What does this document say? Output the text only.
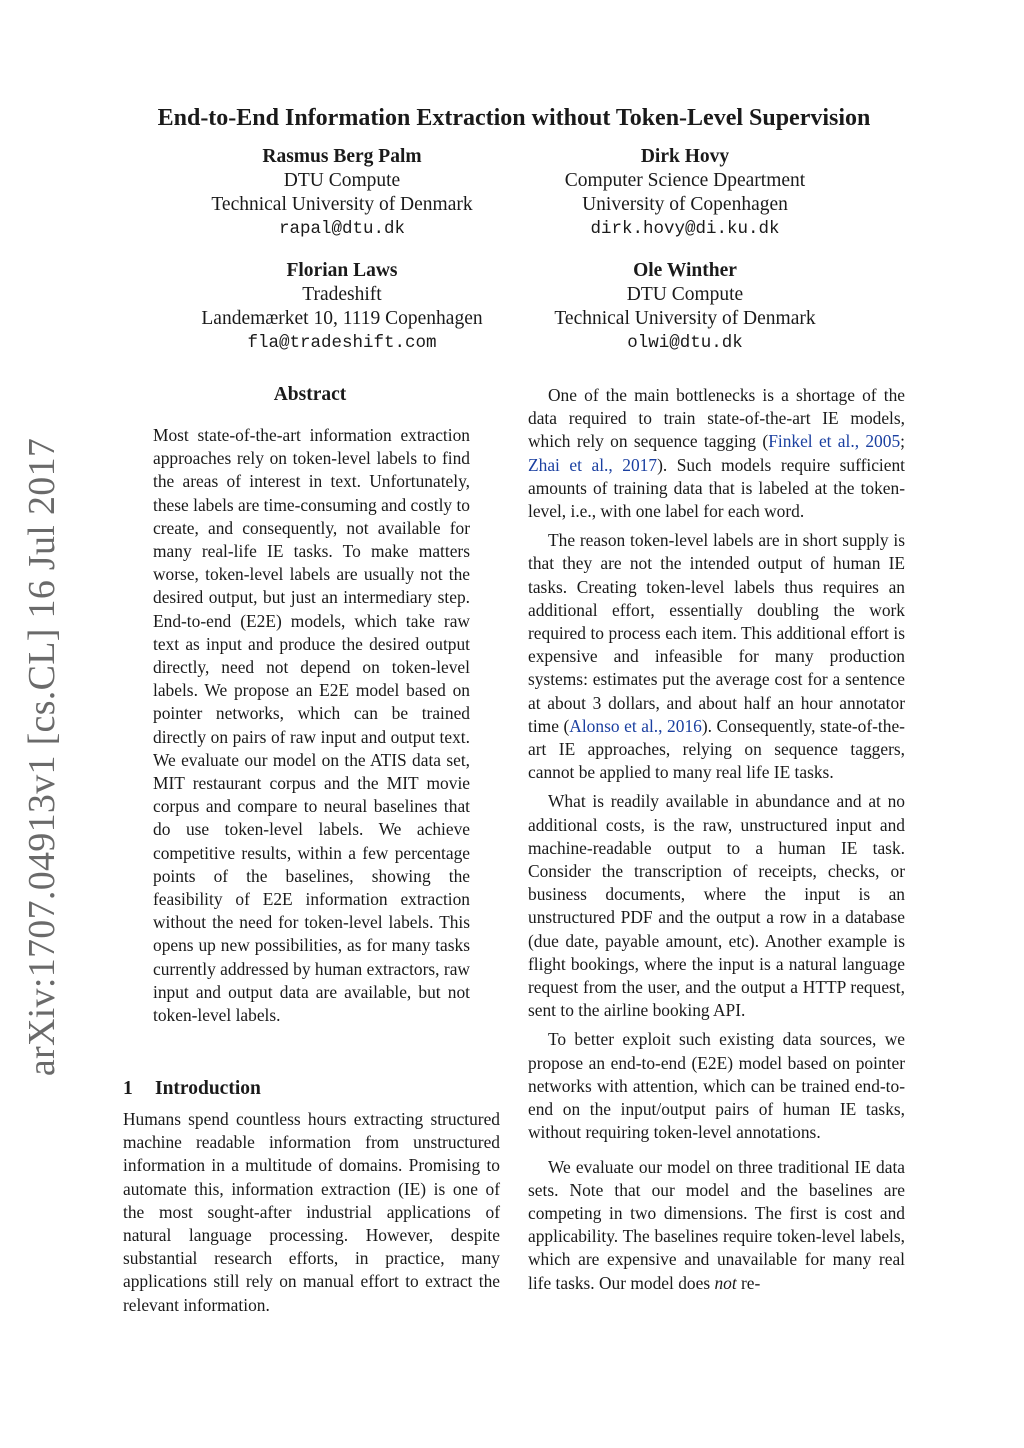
arXiv:1707.04913v1 [cs.CL] 16 Jul 2017
End-to-End Information Extraction without Token-Level Supervision
Rasmus Berg Palm
DTU Compute
Technical University of Denmark
rapal@dtu.dk
Dirk Hovy
Computer Science Dpeartment
University of Copenhagen
dirk.hovy@di.ku.dk
Florian Laws
Tradeshift
Landemærket 10, 1119 Copenhagen
fla@tradeshift.com
Ole Winther
DTU Compute
Technical University of Denmark
olwi@dtu.dk
Abstract

Most state-of-the-art information extraction approaches rely on token-level labels to find the areas of interest in text. Unfortunately, these labels are time-consuming and costly to create, and consequently, not available for many real-life IE tasks. To make matters worse, token-level labels are usually not the desired output, but just an intermediary step. End-to-end (E2E) models, which take raw text as input and produce the desired output directly, need not depend on token-level labels. We propose an E2E model based on pointer networks, which can be trained directly on pairs of raw input and output text. We evaluate our model on the ATIS data set, MIT restaurant corpus and the MIT movie corpus and compare to neural baselines that do use token-level labels. We achieve competitive results, within a few percentage points of the baselines, showing the feasibility of E2E information extraction without the need for token-level labels. This opens up new possibilities, as for many tasks currently addressed by human extractors, raw input and output data are available, but not token-level labels.

1 Introduction

Humans spend countless hours extracting structured machine readable information from unstructured information in a multitude of domains. Promising to automate this, information extraction (IE) is one of the most sought-after industrial applications of natural language processing. However, despite substantial research efforts, in practice, many applications still rely on manual effort to extract the relevant information.

One of the main bottlenecks is a shortage of the data required to train state-of-the-art IE models, which rely on sequence tagging (Finkel et al., 2005; Zhai et al., 2017). Such models require sufficient amounts of training data that is labeled at the token-level, i.e., with one label for each word.

The reason token-level labels are in short supply is that they are not the intended output of human IE tasks. Creating token-level labels thus requires an additional effort, essentially doubling the work required to process each item. This additional effort is expensive and infeasible for many production systems: estimates put the average cost for a sentence at about 3 dollars, and about half an hour annotator time (Alonso et al., 2016). Consequently, state-of-the-art IE approaches, relying on sequence taggers, cannot be applied to many real life IE tasks.

What is readily available in abundance and at no additional costs, is the raw, unstructured input and machine-readable output to a human IE task. Consider the transcription of receipts, checks, or business documents, where the input is an unstructured PDF and the output a row in a database (due date, payable amount, etc). Another example is flight bookings, where the input is a natural language request from the user, and the output a HTTP request, sent to the airline booking API.

To better exploit such existing data sources, we propose an end-to-end (E2E) model based on pointer networks with attention, which can be trained end-to-end on the input/output pairs of human IE tasks, without requiring token-level annotations.

We evaluate our model on three traditional IE data sets. Note that our model and the baselines are competing in two dimensions. The first is cost and applicability. The baselines require token-level labels, which are expensive and unavailable for many real life tasks. Our model does not re-
